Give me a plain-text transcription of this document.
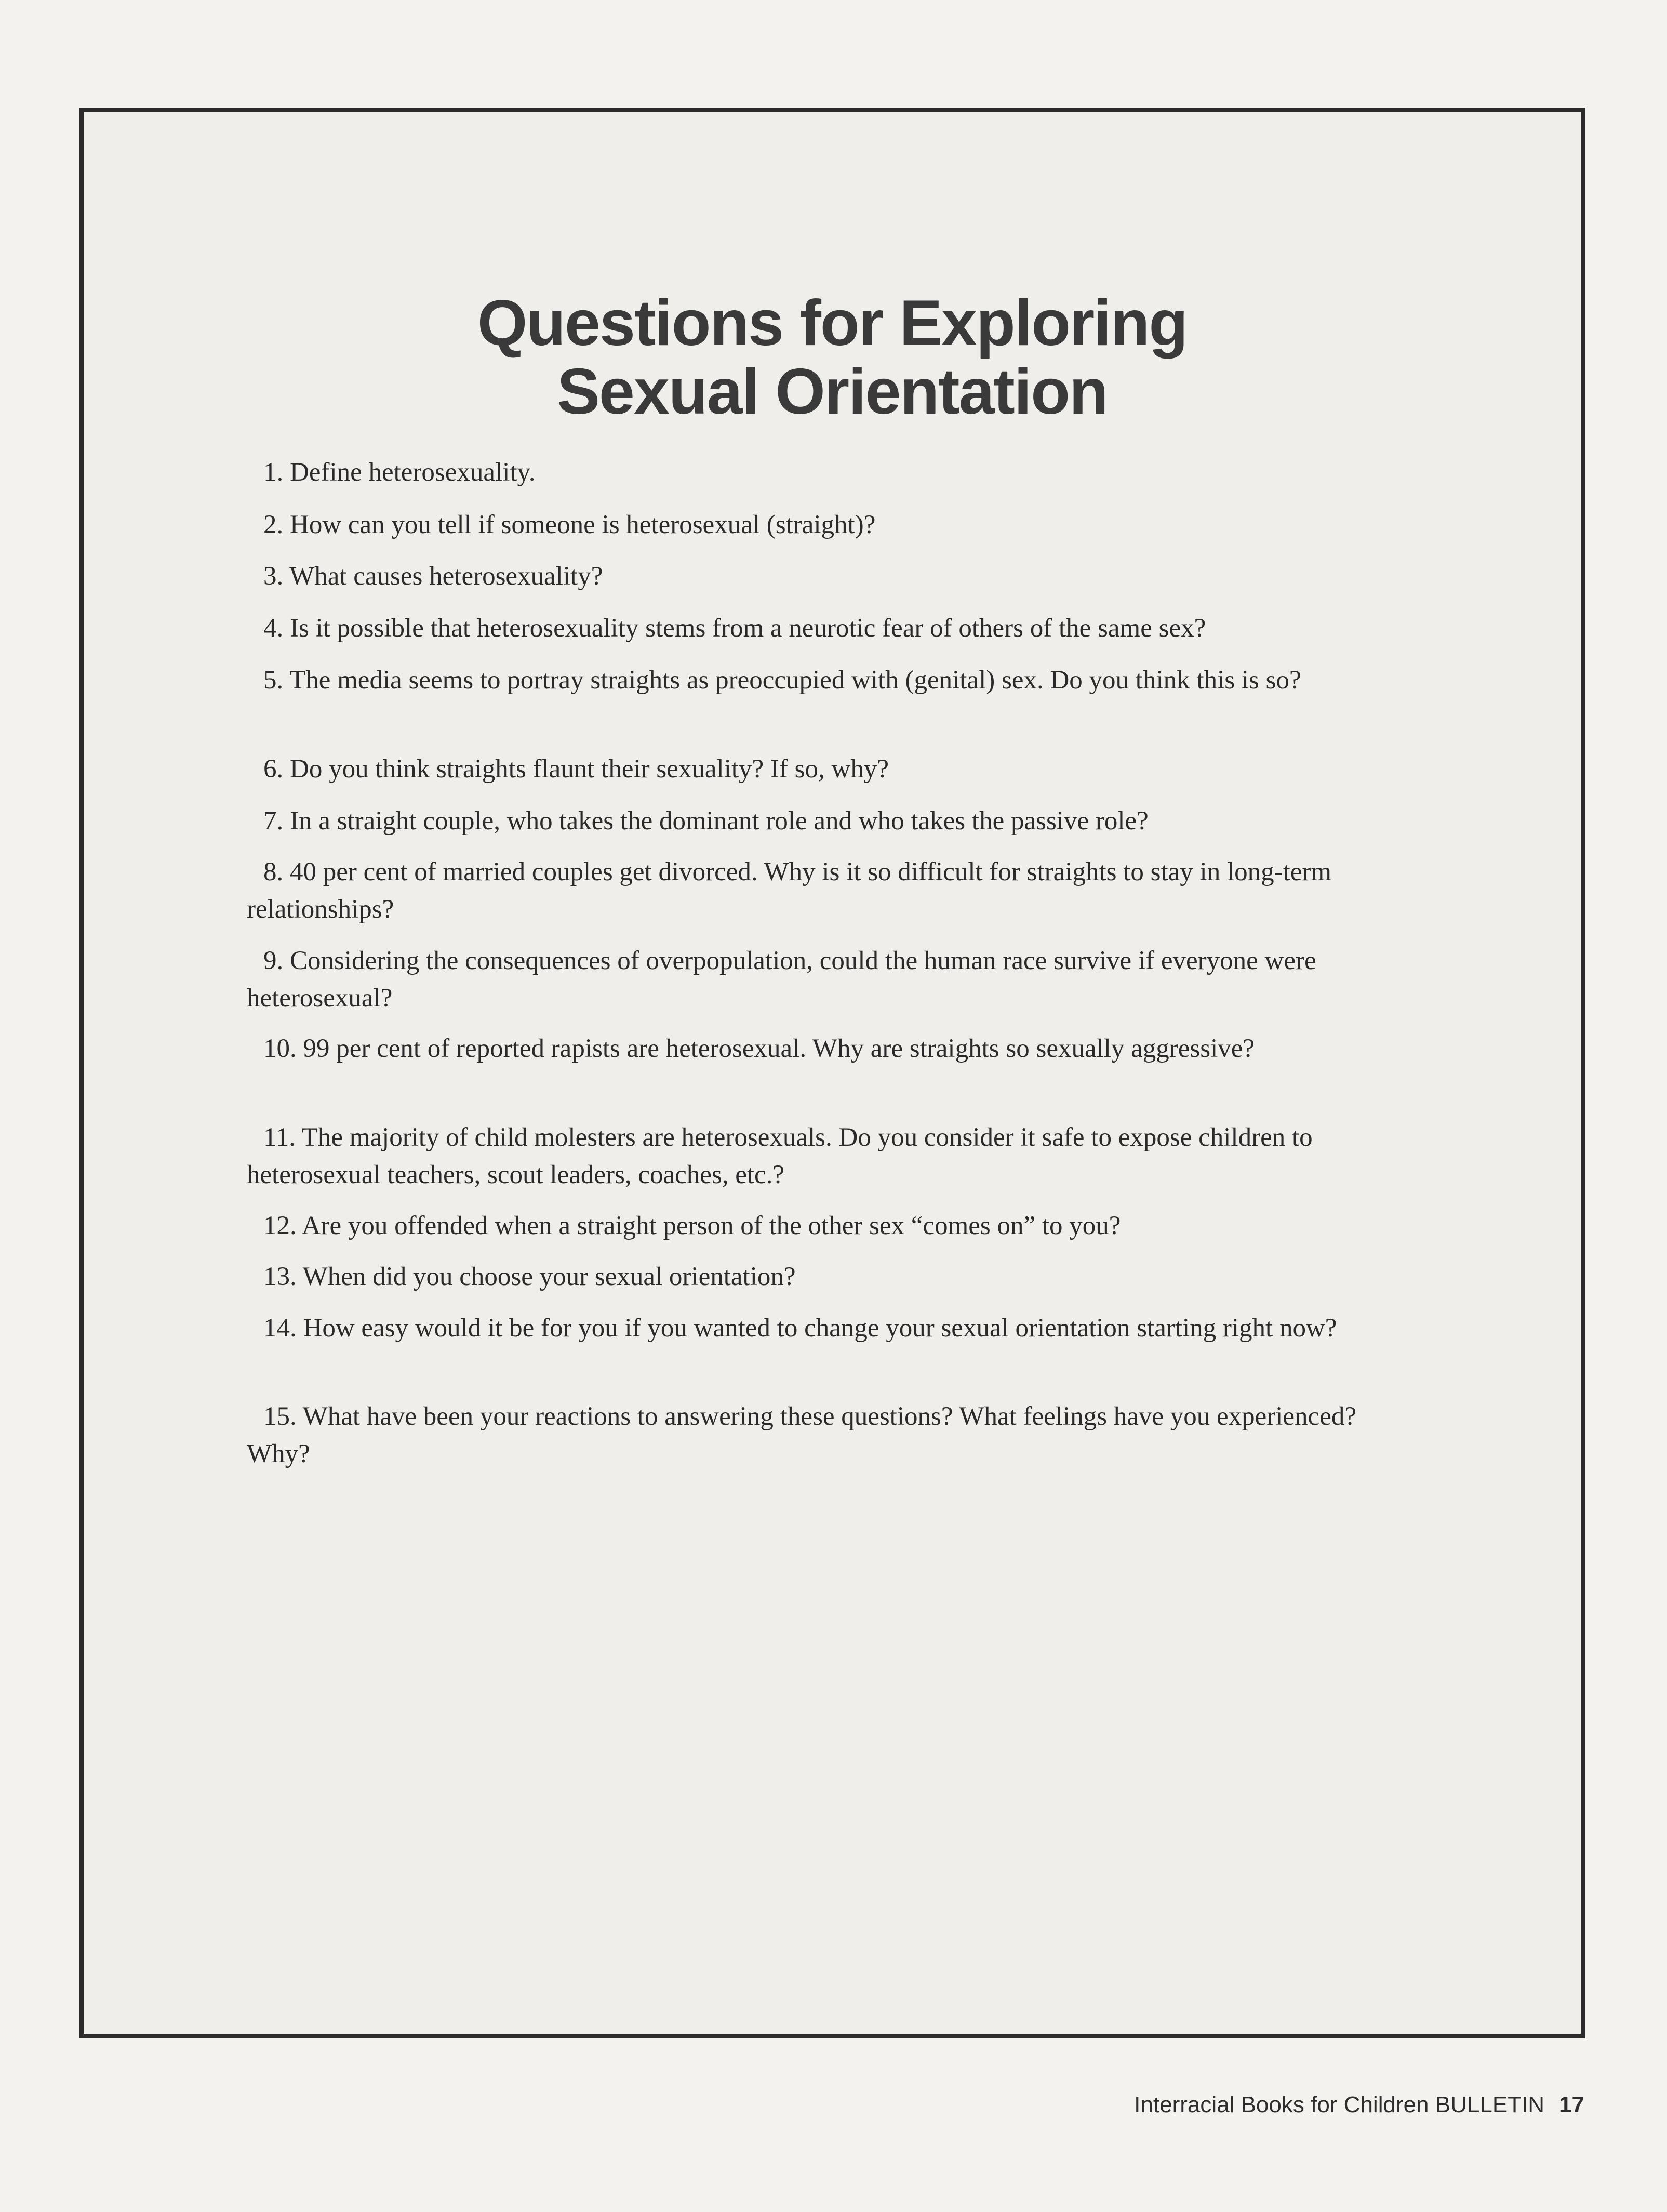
Questions for Exploring
Sexual Orientation
1. Define heterosexuality.
2. How can you tell if someone is heterosexual (straight)?
3. What causes heterosexuality?
4. Is it possible that heterosexuality stems from a neurotic fear of others of the same sex?
5. The media seems to portray straights as preoccupied with (genital) sex. Do you think this is so?
6. Do you think straights flaunt their sexuality? If so, why?
7. In a straight couple, who takes the dominant role and who takes the passive role?
8. 40 per cent of married couples get divorced. Why is it so difficult for straights to stay in long-term relationships?
9. Considering the consequences of overpopulation, could the human race survive if everyone were heterosexual?
10. 99 per cent of reported rapists are heterosexual. Why are straights so sexually aggressive?
11. The majority of child molesters are heterosexuals. Do you consider it safe to expose children to heterosexual teachers, scout leaders, coaches, etc.?
12. Are you offended when a straight person of the other sex “comes on” to you?
13. When did you choose your sexual orientation?
14. How easy would it be for you if you wanted to change your sexual orientation starting right now?
15. What have been your reactions to answering these questions? What feelings have you experienced? Why?
Interracial Books for Children BULLETIN 17
